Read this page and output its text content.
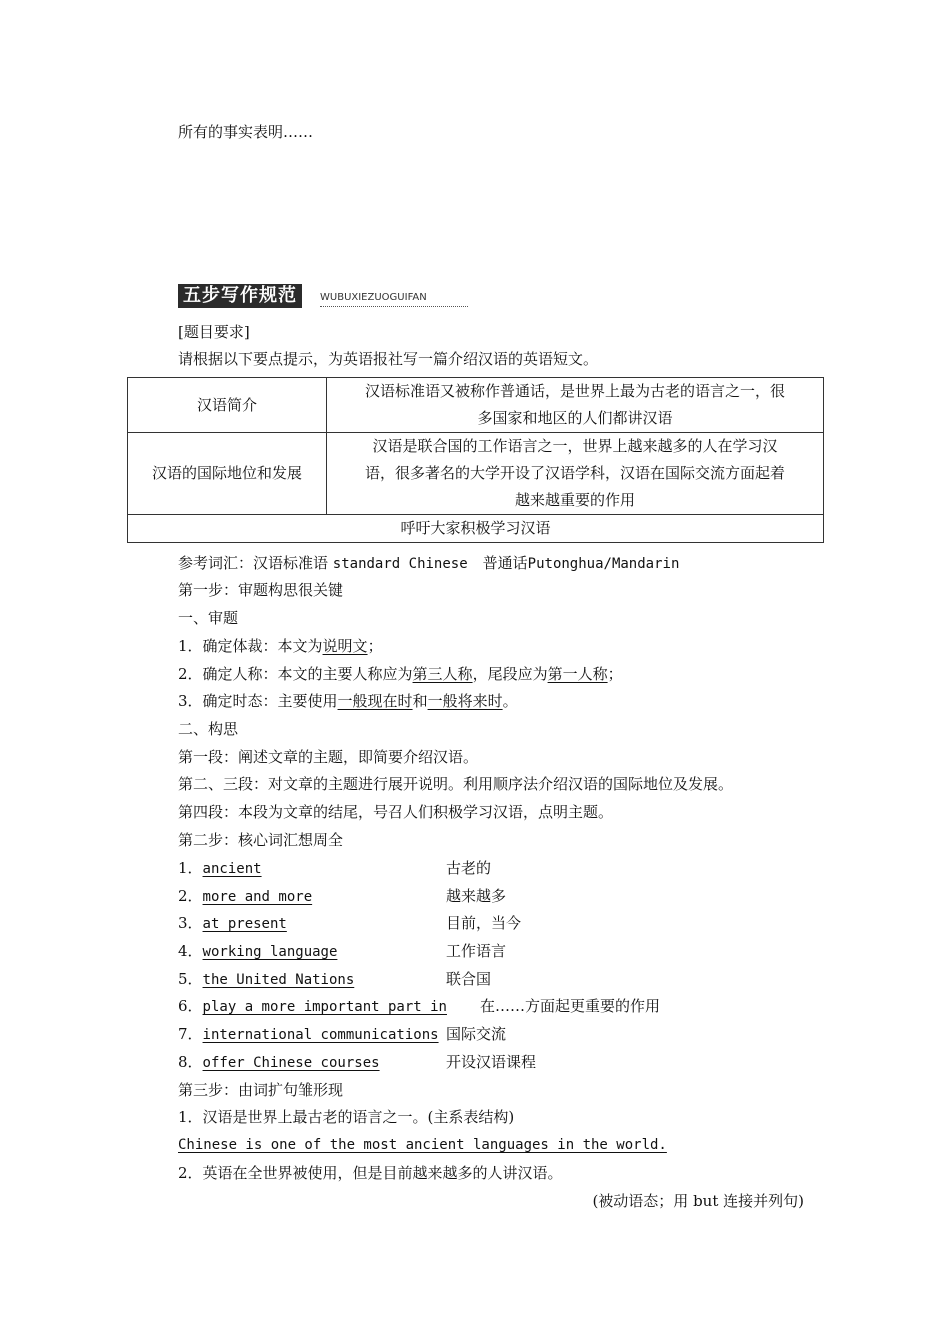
所有的事实表明……
五步写作规范	WUBUXIEZUOGUIFAN
[题目要求]
请根据以下要点提示，为英语报社写一篇介绍汉语的英语短文。
汉语简介	汉语标准语又被称作普通话，是世界上最为古老的语言之一，很
多国家和地区的人们都讲汉语

汉语的国际地位和发展	汉语是联合国的工作语言之一，世界上越来越多的人在学习汉
语，很多著名的大学开设了汉语学科，汉语在国际交流方面起着
越来越重要的作用

呼吁大家积极学习汉语	
参考词汇：汉语标准语 standard Chinese　普通话Putonghua/Mandarin
第一步：审题构思很关键
一、审题
1．确定体裁：本文为说明文；
2．确定人称：本文的主要人称应为第三人称，尾段应为第一人称；
3．确定时态：主要使用一般现在时和一般将来时。
二、构思
第一段：阐述文章的主题，即简要介绍汉语。
第二、三段：对文章的主题进行展开说明。利用顺序法介绍汉语的国际地位及发展。
第四段：本段为文章的结尾，号召人们积极学习汉语，点明主题。
第二步：核心词汇想周全
1．ancient	古老的
2．more and more	越来越多
3．at present	目前，当今
4．working language	工作语言
5．the United Nations	联合国
6．play a more important part in 在……方面起更重要的作用
7．international communications 国际交流
8．offer Chinese courses	开设汉语课程
第三步：由词扩句雏形现
1．汉语是世界上最古老的语言之一。(主系表结构)
Chinese is one of the most ancient languages in the world.
2．英语在全世界被使用，但是目前越来越多的人讲汉语。
(被动语态；用 but 连接并列句)
